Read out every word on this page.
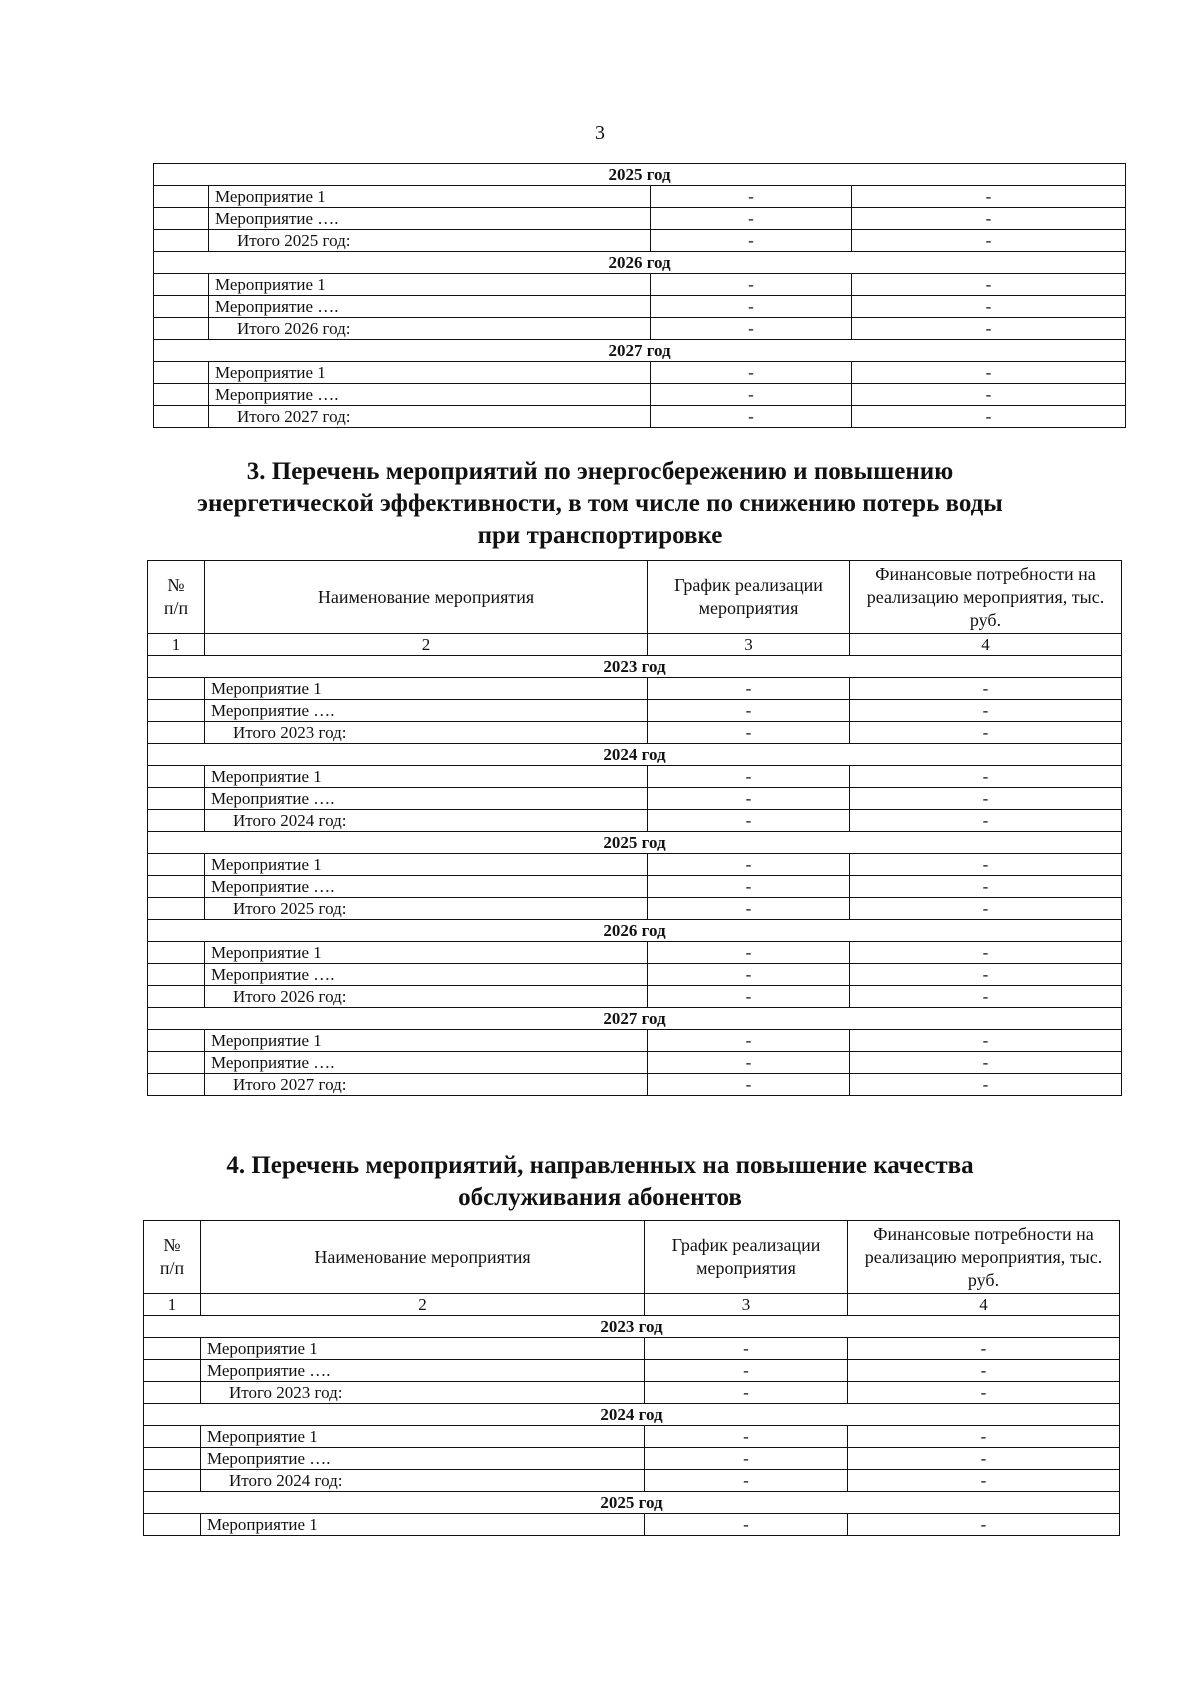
3
2025 год			
	Мероприятие 1	-	-
	Мероприятие ….	-	-
	Итого 2025 год:	-	-
2026 год			
	Мероприятие 1	-	-
	Мероприятие ….	-	-
	Итого 2026 год:	-	-
2027 год			
	Мероприятие 1	-	-
	Мероприятие ….	-	-
	Итого 2027 год:	-	-
3. Перечень мероприятий по энергосбережению и повышению
энергетической эффективности, в том числе по снижению потерь воды
при транспортировке
№
п/п	Наименование мероприятия	График реализации мероприятия	Финансовые потребности на реализацию мероприятия, тыс. руб.
1	2	3	4
2023 год			
	Мероприятие 1	-	-
	Мероприятие ….	-	-
	Итого 2023 год:	-	-
2024 год			
	Мероприятие 1	-	-
	Мероприятие ….	-	-
	Итого 2024 год:	-	-
2025 год			
	Мероприятие 1	-	-
	Мероприятие ….	-	-
	Итого 2025 год:	-	-
2026 год			
	Мероприятие 1	-	-
	Мероприятие ….	-	-
	Итого 2026 год:	-	-
2027 год			
	Мероприятие 1	-	-
	Мероприятие ….	-	-
	Итого 2027 год:	-	-
4. Перечень мероприятий, направленных на повышение качества
обслуживания абонентов
№
п/п	Наименование мероприятия	График реализации мероприятия	Финансовые потребности на реализацию мероприятия, тыс. руб.
1	2	3	4
2023 год			
	Мероприятие 1	-	-
	Мероприятие ….	-	-
	Итого 2023 год:	-	-
2024 год			
	Мероприятие 1	-	-
	Мероприятие ….	-	-
	Итого 2024 год:	-	-
2025 год			
	Мероприятие 1	-	-
